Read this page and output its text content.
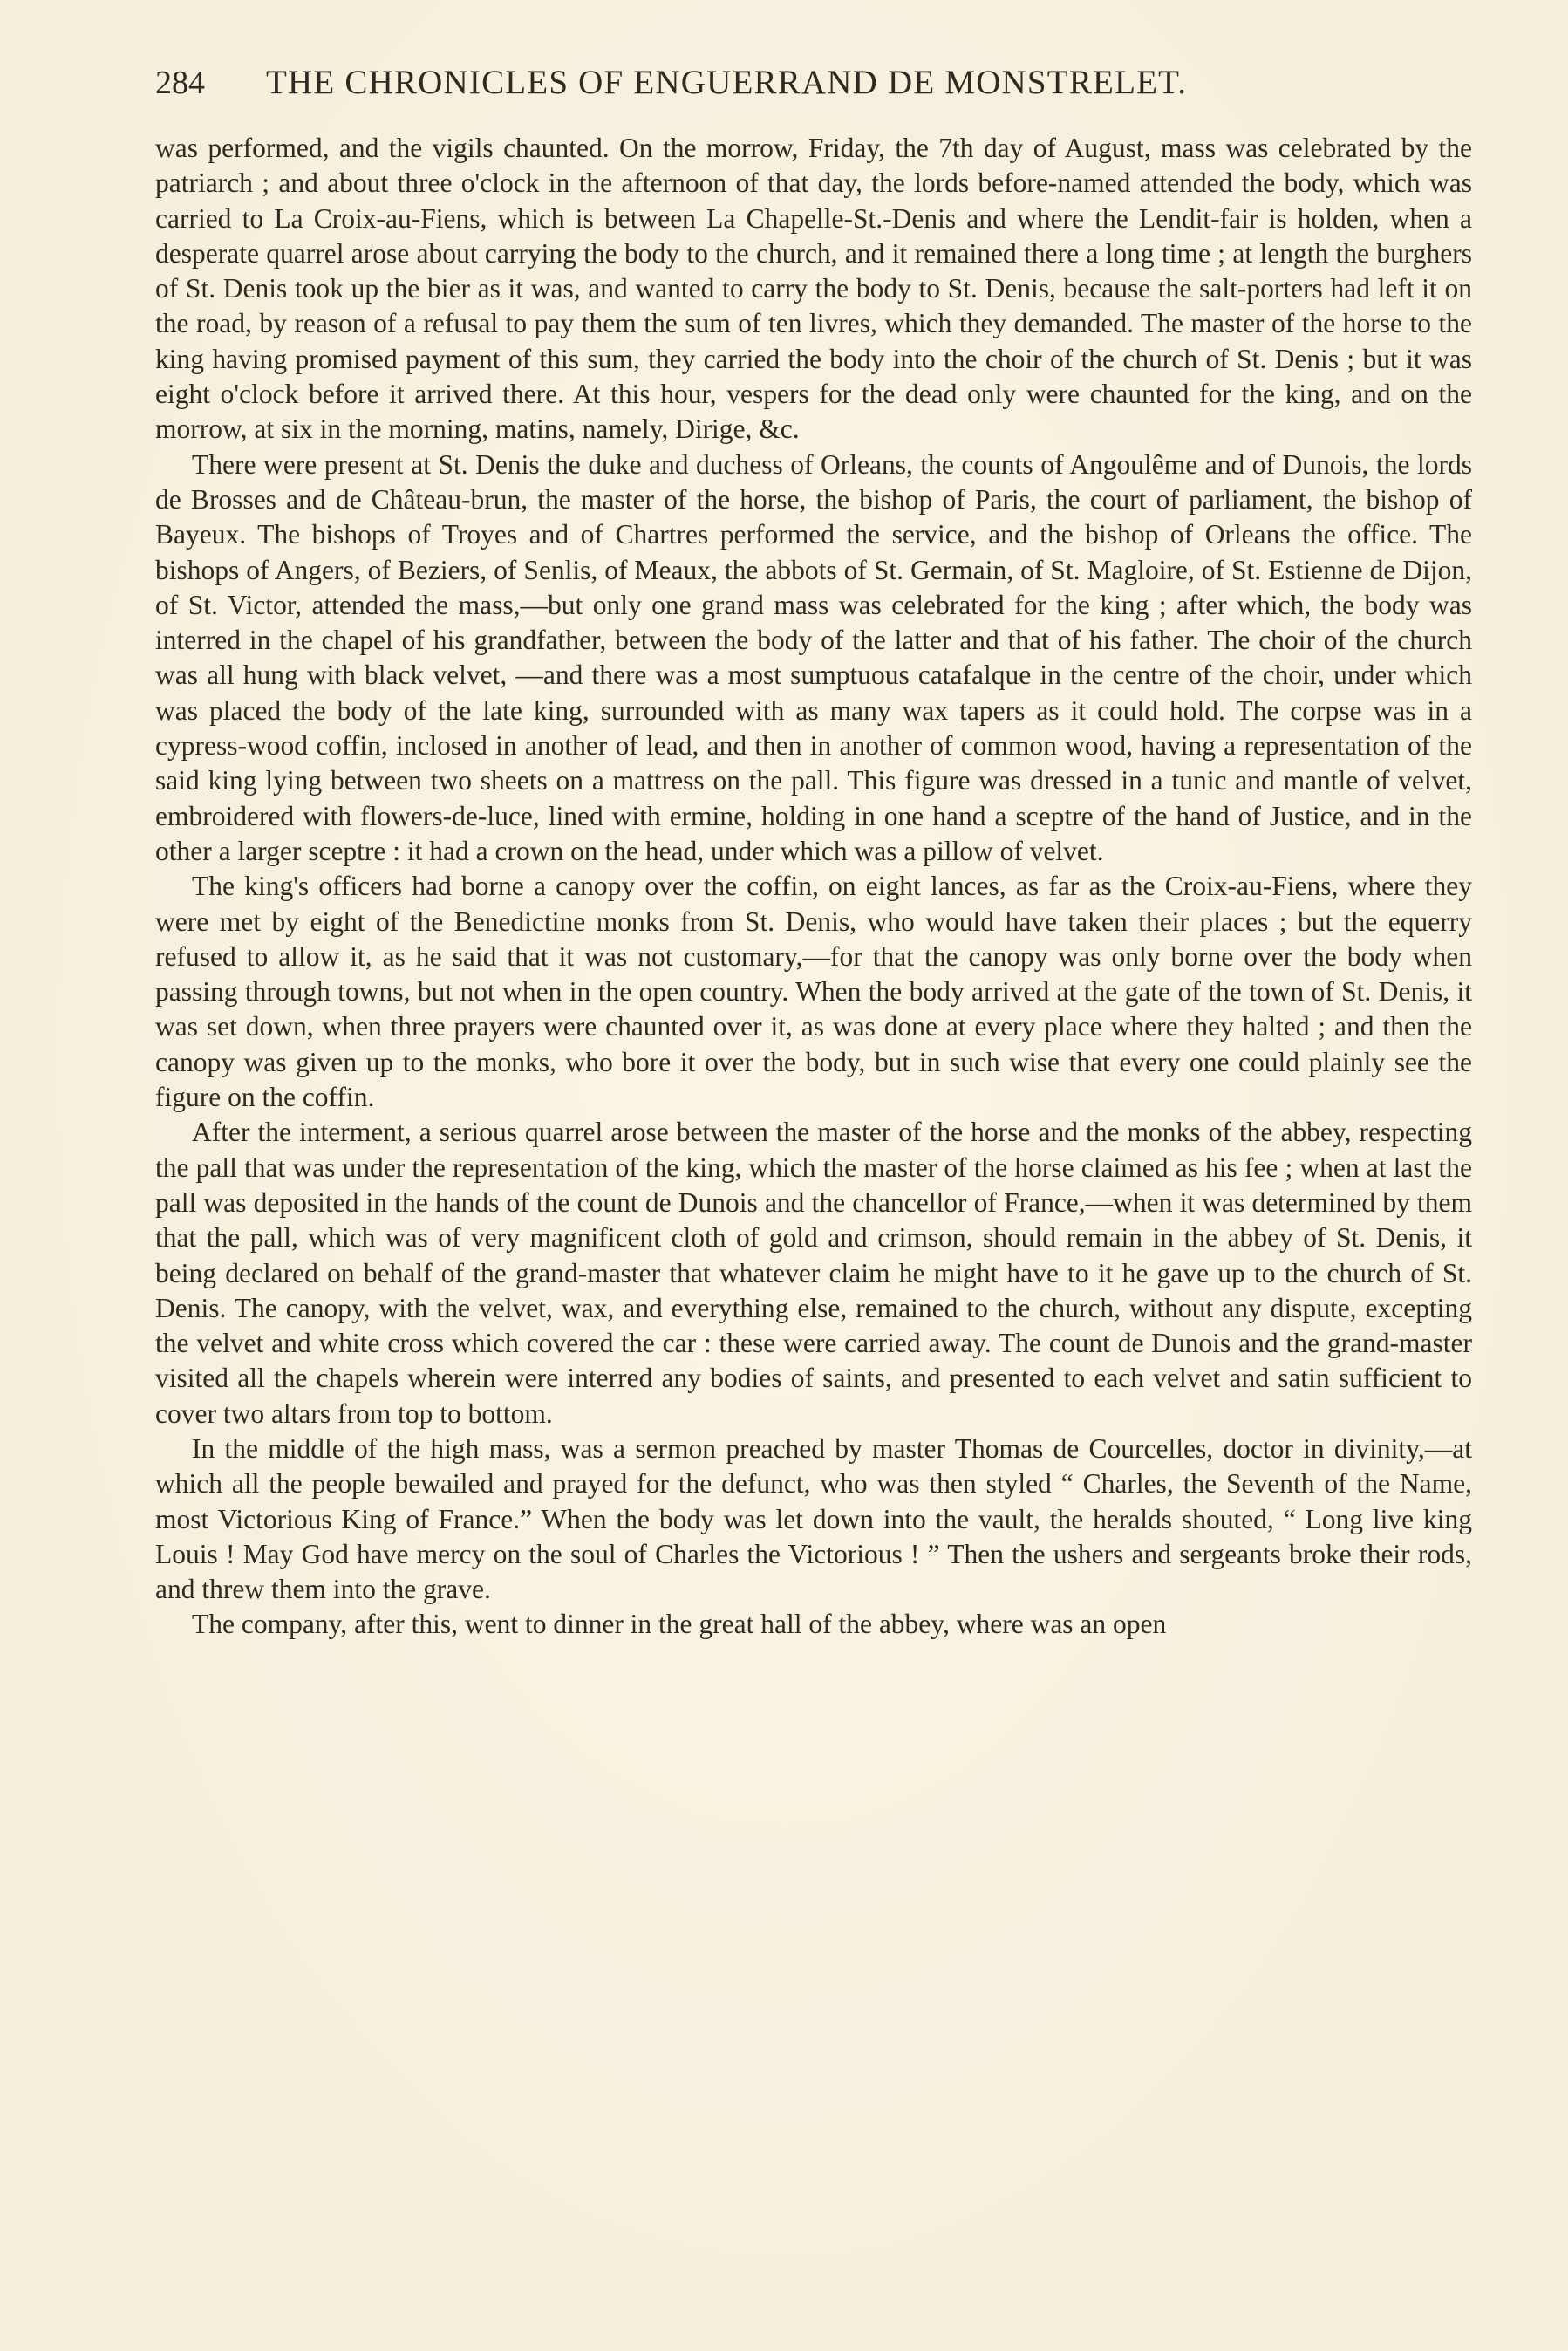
284 THE CHRONICLES OF ENGUERRAND DE MONSTRELET.

was performed, and the vigils chaunted. On the morrow, Friday, the 7th day of August, mass was celebrated by the patriarch ; and about three o'clock in the afternoon of that day, the lords before-named attended the body, which was carried to La Croix-au-Fiens, which is between La Chapelle-St.-Denis and where the Lendit-fair is holden, when a desperate quarrel arose about carrying the body to the church, and it remained there a long time ; at length the burghers of St. Denis took up the bier as it was, and wanted to carry the body to St. Denis, because the salt-porters had left it on the road, by reason of a refusal to pay them the sum of ten livres, which they demanded. The master of the horse to the king having promised payment of this sum, they carried the body into the choir of the church of St. Denis ; but it was eight o'clock before it arrived there. At this hour, vespers for the dead only were chaunted for the king, and on the morrow, at six in the morning, matins, namely, Dirige, &c.

There were present at St. Denis the duke and duchess of Orleans, the counts of Angoulême and of Dunois, the lords de Brosses and de Château-brun, the master of the horse, the bishop of Paris, the court of parliament, the bishop of Bayeux. The bishops of Troyes and of Chartres performed the service, and the bishop of Orleans the office. The bishops of Angers, of Beziers, of Senlis, of Meaux, the abbots of St. Germain, of St. Magloire, of St. Estienne de Dijon, of St. Victor, attended the mass,—but only one grand mass was celebrated for the king ; after which, the body was interred in the chapel of his grandfather, between the body of the latter and that of his father. The choir of the church was all hung with black velvet, —and there was a most sumptuous catafalque in the centre of the choir, under which was placed the body of the late king, surrounded with as many wax tapers as it could hold. The corpse was in a cypress-wood coffin, inclosed in another of lead, and then in another of common wood, having a representation of the said king lying between two sheets on a mattress on the pall. This figure was dressed in a tunic and mantle of velvet, embroidered with flowers-de-luce, lined with ermine, holding in one hand a sceptre of the hand of Justice, and in the other a larger sceptre : it had a crown on the head, under which was a pillow of velvet.

The king's officers had borne a canopy over the coffin, on eight lances, as far as the Croix-au-Fiens, where they were met by eight of the Benedictine monks from St. Denis, who would have taken their places ; but the equerry refused to allow it, as he said that it was not customary,—for that the canopy was only borne over the body when passing through towns, but not when in the open country. When the body arrived at the gate of the town of St. Denis, it was set down, when three prayers were chaunted over it, as was done at every place where they halted ; and then the canopy was given up to the monks, who bore it over the body, but in such wise that every one could plainly see the figure on the coffin.

After the interment, a serious quarrel arose between the master of the horse and the monks of the abbey, respecting the pall that was under the representation of the king, which the master of the horse claimed as his fee ; when at last the pall was deposited in the hands of the count de Dunois and the chancellor of France,—when it was determined by them that the pall, which was of very magnificent cloth of gold and crimson, should remain in the abbey of St. Denis, it being declared on behalf of the grand-master that whatever claim he might have to it he gave up to the church of St. Denis. The canopy, with the velvet, wax, and everything else, remained to the church, without any dispute, excepting the velvet and white cross which covered the car : these were carried away. The count de Dunois and the grand-master visited all the chapels wherein were interred any bodies of saints, and presented to each velvet and satin sufficient to cover two altars from top to bottom.

In the middle of the high mass, was a sermon preached by master Thomas de Courcelles, doctor in divinity,—at which all the people bewailed and prayed for the defunct, who was then styled “ Charles, the Seventh of the Name, most Victorious King of France.” When the body was let down into the vault, the heralds shouted, “ Long live king Louis ! May God have mercy on the soul of Charles the Victorious ! ” Then the ushers and sergeants broke their rods, and threw them into the grave.

The company, after this, went to dinner in the great hall of the abbey, where was an open
